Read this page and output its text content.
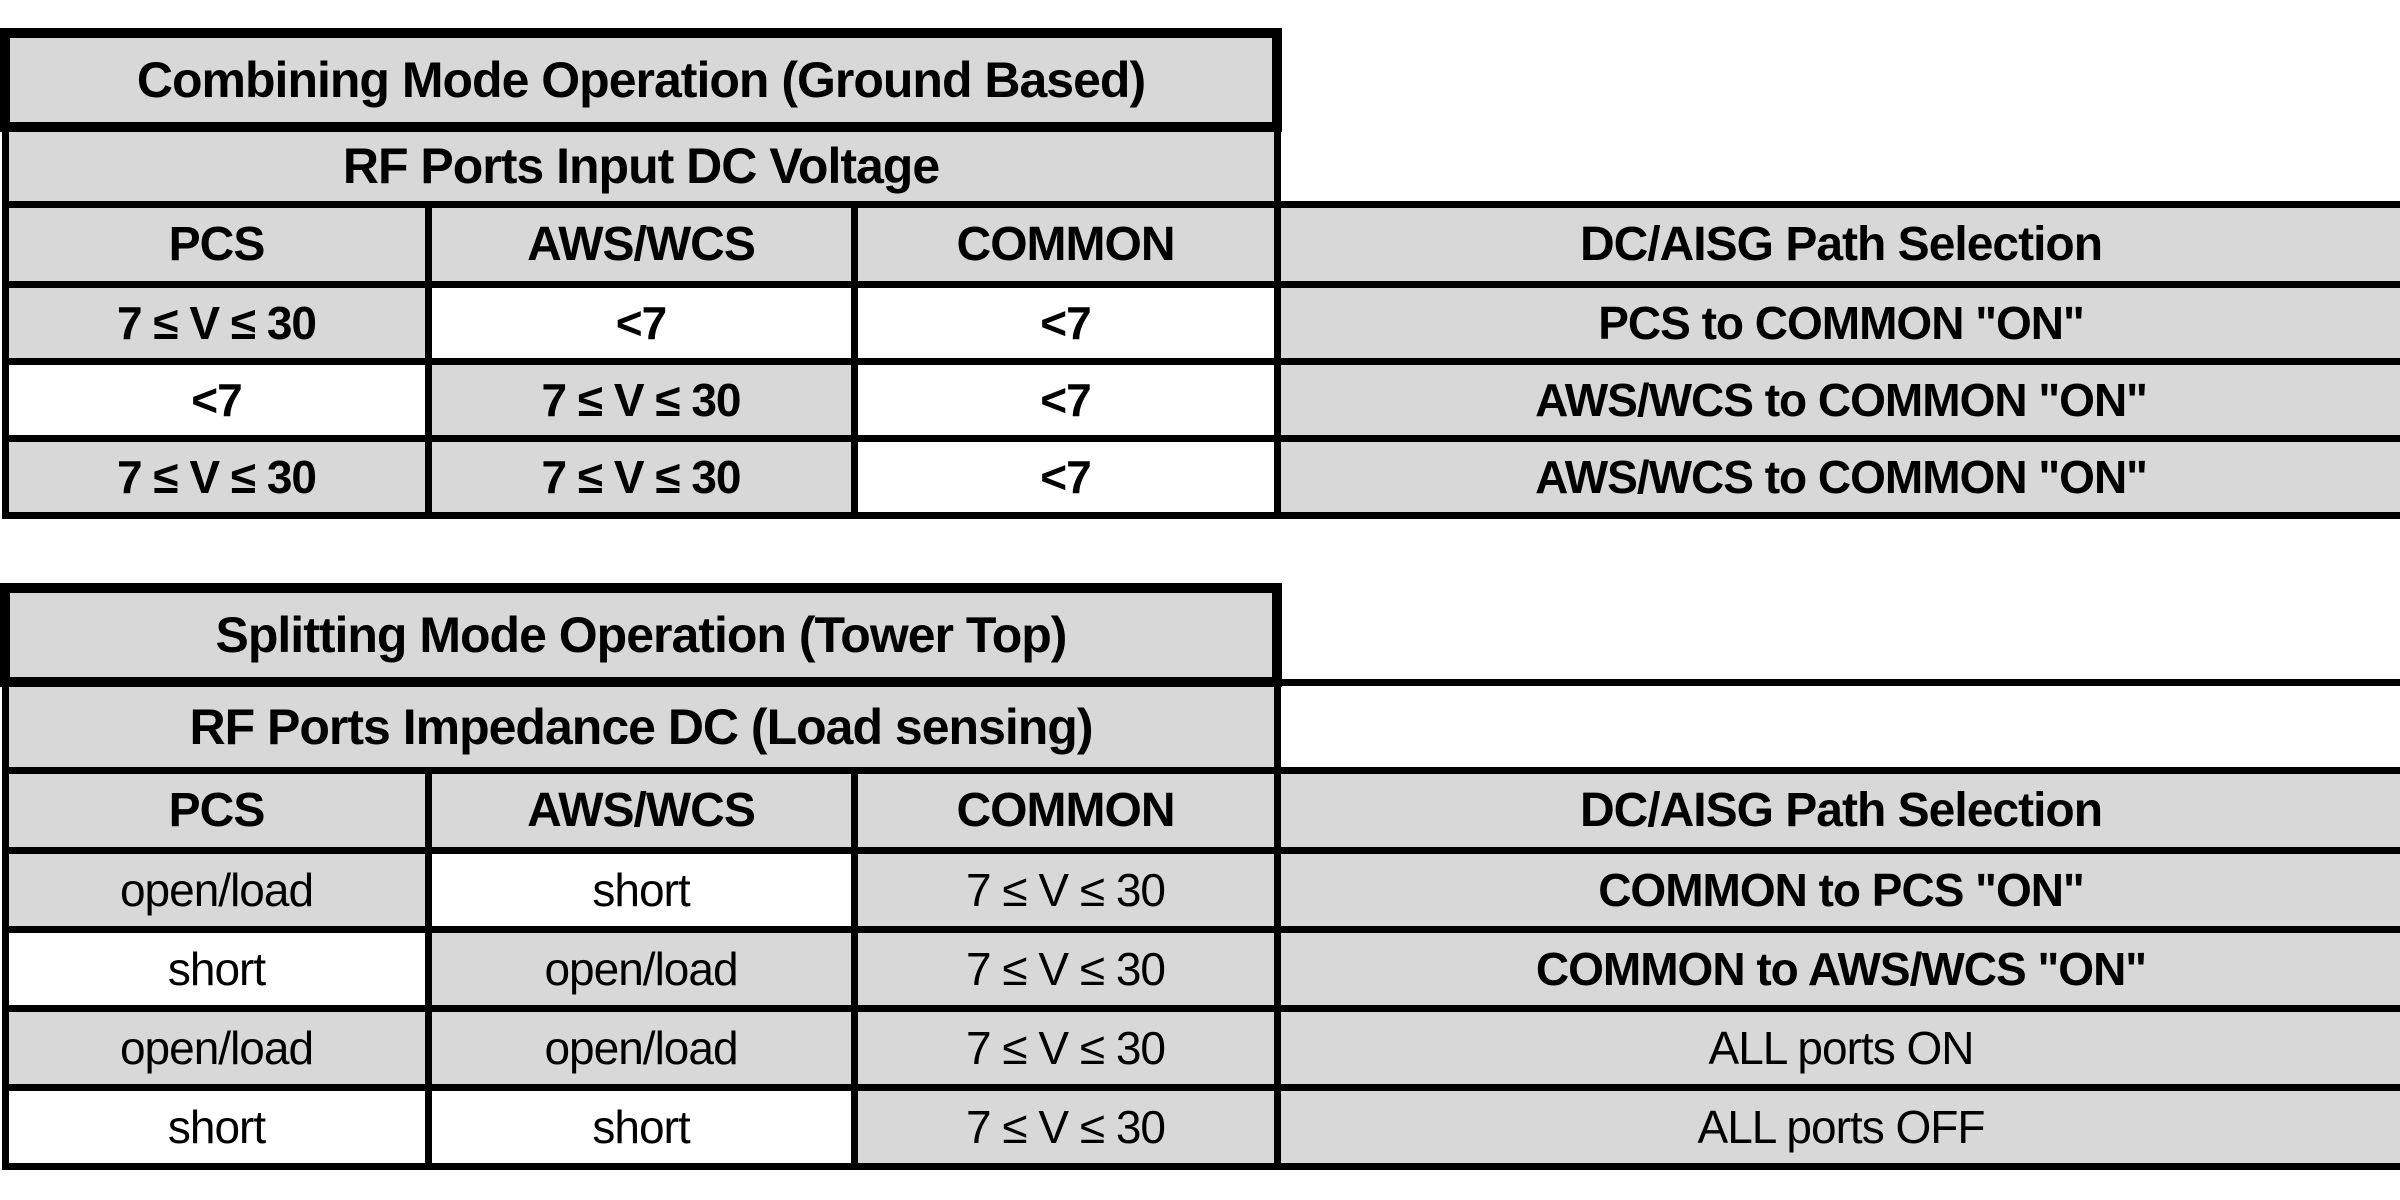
Combining Mode Operation (Ground Based)			
RF Ports Input DC Voltage			
PCS	AWS/WCS	COMMON	DC/AISG Path Selection
7 ≤ V ≤ 30	<7	<7	PCS to COMMON "ON"
<7	7 ≤ V ≤ 30	<7	AWS/WCS to COMMON "ON"
7 ≤ V ≤ 30	7 ≤ V ≤ 30	<7	AWS/WCS to COMMON "ON"
Splitting Mode Operation (Tower Top)			
RF Ports Impedance DC (Load sensing)			
PCS	AWS/WCS	COMMON	DC/AISG Path Selection
open/load	short	7 ≤ V ≤ 30	COMMON to PCS "ON"
short	open/load	7 ≤ V ≤ 30	COMMON to AWS/WCS "ON"
open/load	open/load	7 ≤ V ≤ 30	ALL ports ON
short	short	7 ≤ V ≤ 30	ALL ports OFF
